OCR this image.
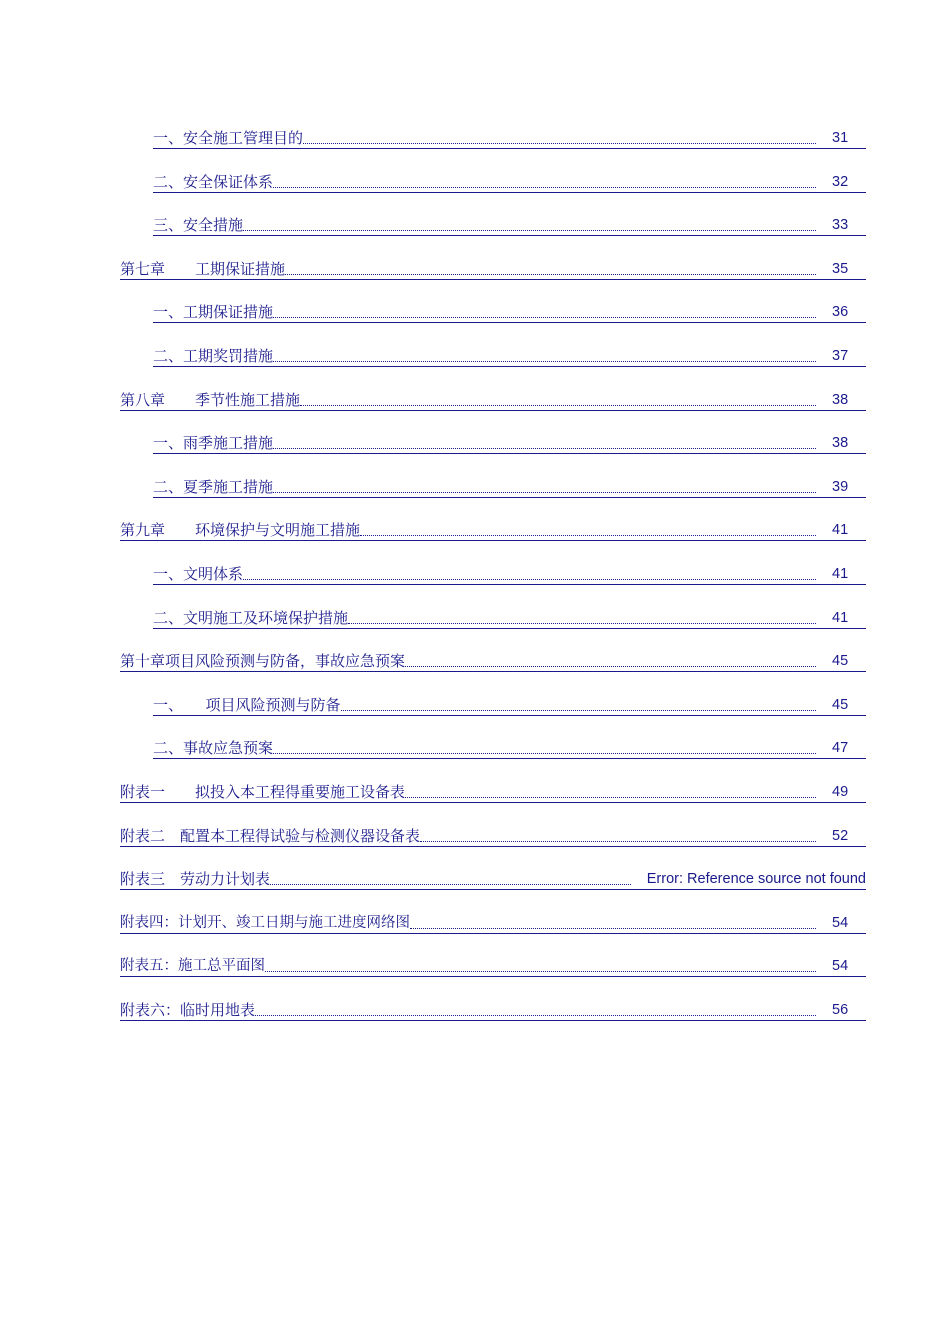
一、安全施工管理目的	31
二、安全保证体系	32
三、安全措施	33
第七章　　工期保证措施	35
一、工期保证措施	36
二、工期奖罚措施	37
第八章　　季节性施工措施	38
一、雨季施工措施	38
二、夏季施工措施	39
第九章　　环境保护与文明施工措施	41
一、文明体系	41
二、文明施工及环境保护措施	41
第十章项目风险预测与防备，事故应急预案	45
一、　　项目风险预测与防备	45
二、事故应急预案	47
附表一　　拟投入本工程得重要施工设备表	49
附表二　配置本工程得试验与检测仪器设备表	52
附表三　劳动力计划表	Error: Reference source not found
附表四：计划开、竣工日期与施工进度网络图	54
附表五：施工总平面图	54
附表六：临时用地表	56
